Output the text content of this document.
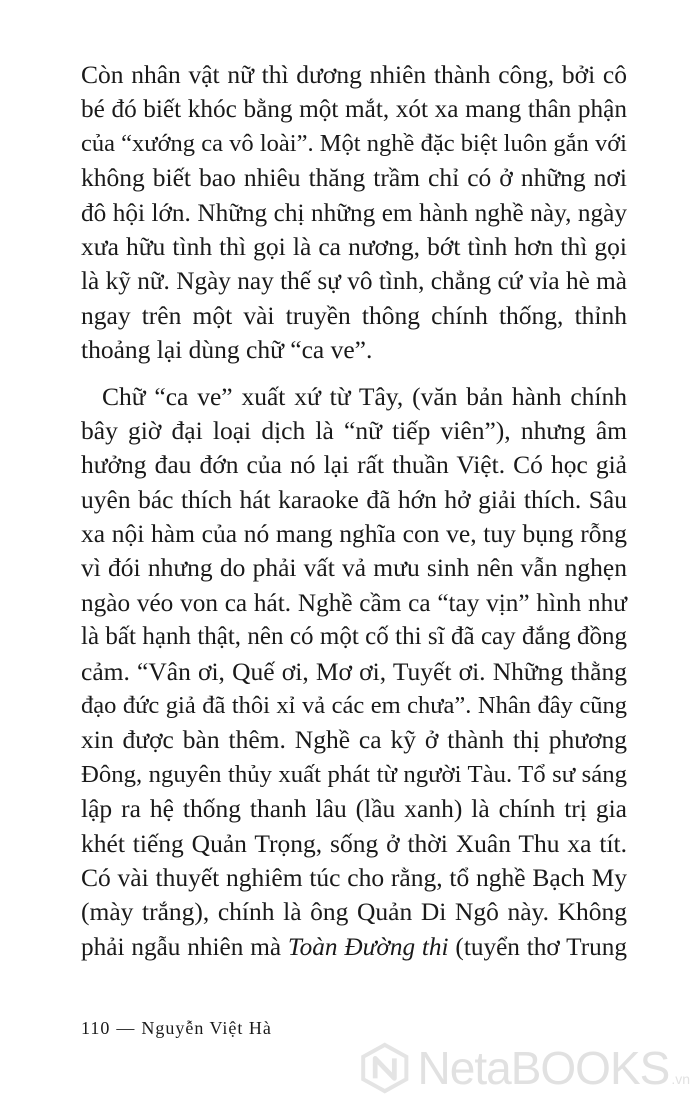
Còn nhân vật nữ thì dương nhiên thành công, bởi cô
bé đó biết khóc bằng một mắt, xót xa mang thân phận
của “xướng ca vô loài”. Một nghề đặc biệt luôn gắn với
không biết bao nhiêu thăng trầm chỉ có ở những nơi
đô hội lớn. Những chị những em hành nghề này, ngày
xưa hữu tình thì gọi là ca nương, bớt tình hơn thì gọi
là kỹ nữ. Ngày nay thế sự vô tình, chẳng cứ vỉa hè mà
ngay trên một vài truyền thông chính thống, thỉnh
thoảng lại dùng chữ “ca ve”.
Chữ “ca ve” xuất xứ từ Tây, (văn bản hành chính
bây giờ đại loại dịch là “nữ tiếp viên”), nhưng âm
hưởng đau đớn của nó lại rất thuần Việt. Có học giả
uyên bác thích hát karaoke đã hớn hở giải thích. Sâu
xa nội hàm của nó mang nghĩa con ve, tuy bụng rỗng
vì đói nhưng do phải vất vả mưu sinh nên vẫn nghẹn
ngào véo von ca hát. Nghề cầm ca “tay vịn” hình như
là bất hạnh thật, nên có một cố thi sĩ đã cay đắng đồng
cảm. “Vân ơi, Quế ơi, Mơ ơi, Tuyết ơi. Những thằng
đạo đức giả đã thôi xỉ vả các em chưa”. Nhân đây cũng
xin được bàn thêm. Nghề ca kỹ ở thành thị phương
Đông, nguyên thủy xuất phát từ người Tàu. Tổ sư sáng
lập ra hệ thống thanh lâu (lầu xanh) là chính trị gia
khét tiếng Quản Trọng, sống ở thời Xuân Thu xa tít.
Có vài thuyết nghiêm túc cho rằng, tổ nghề Bạch My
(mày trắng), chính là ông Quản Di Ngô này. Không
phải ngẫu nhiên mà Toàn Đường thi (tuyển thơ Trung
110 — Nguyễn Việt Hà
NetaBOOKS .vn
